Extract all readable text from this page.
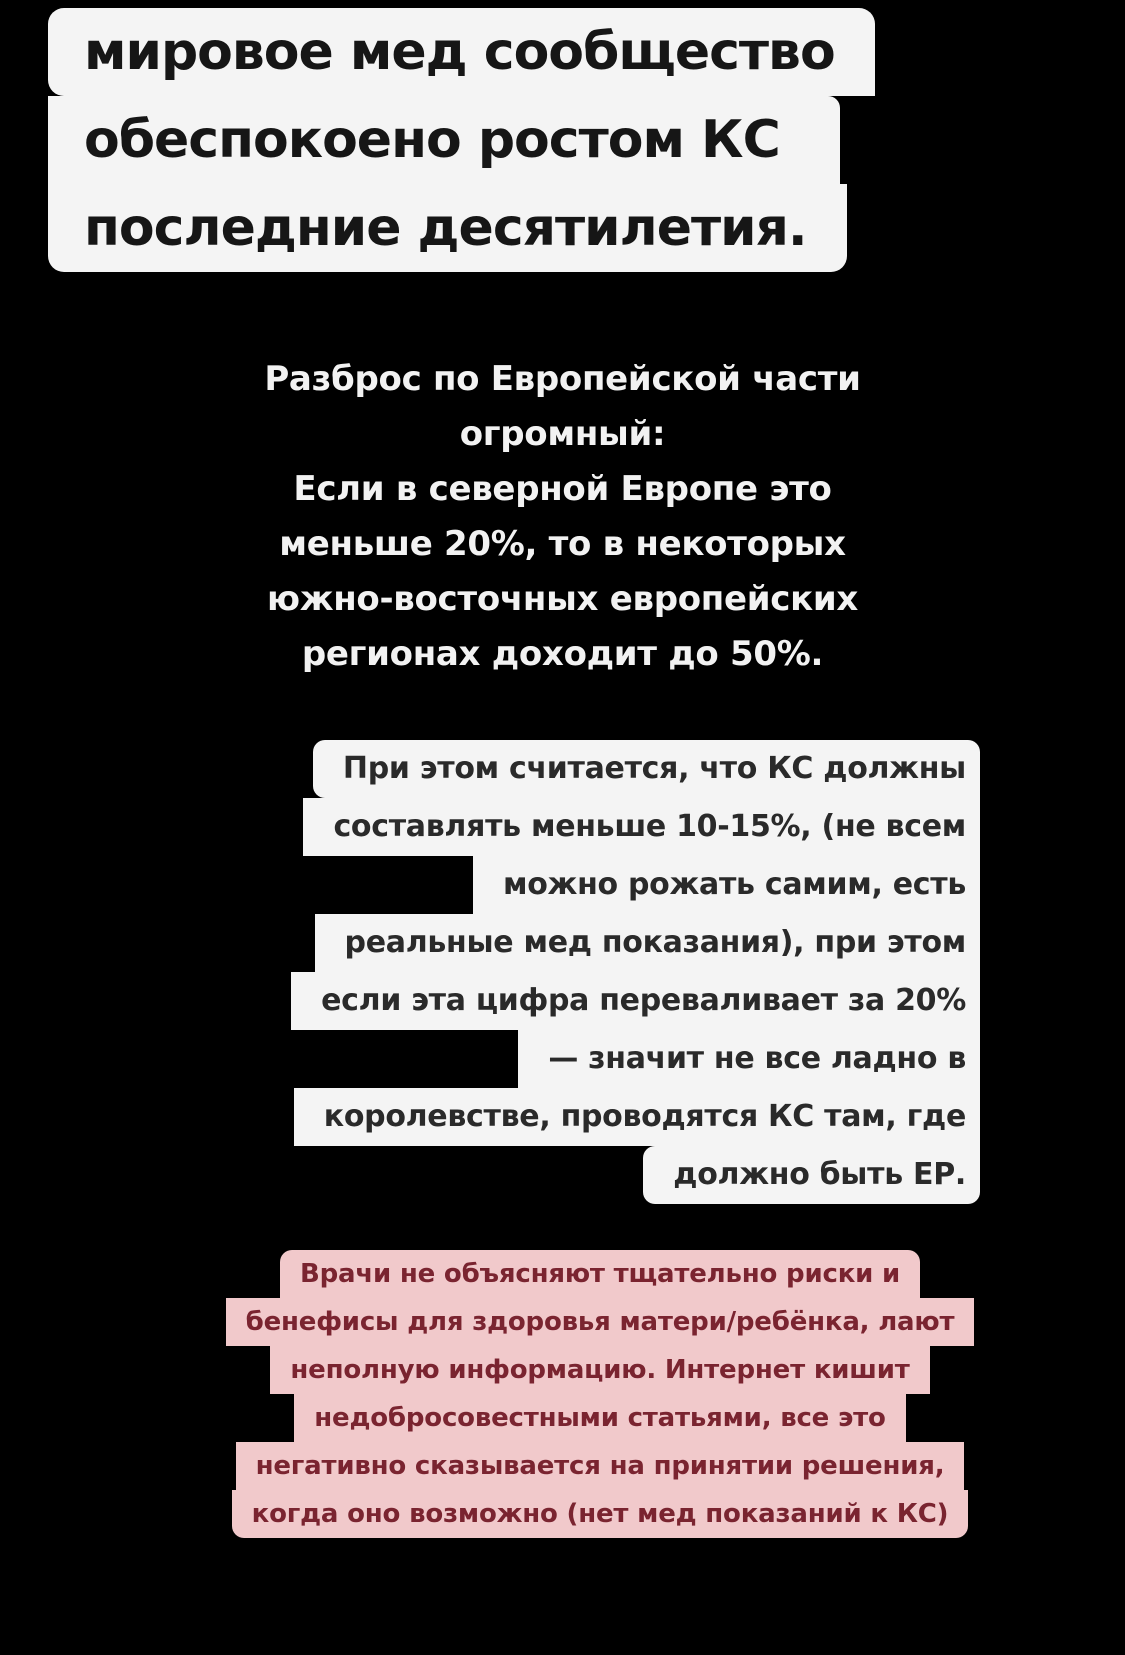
мировое мед сообщество
обеспокоено ростом КС
последние десятилетия.
Разброс по Европейской части
огромный:
Если в северной Европе это
меньше 20%, то в некоторых
южно-восточных европейских
регионах доходит до 50%.
При этом считается, что КС должны
составлять меньше 10-15%, (не всем
можно рожать самим, есть
реальные мед показания), при этом
если эта цифра переваливает за 20%
— значит не все ладно в
королевстве, проводятся КС там, где
должно быть ЕР.
Врачи не объясняют тщательно риски и
бенефисы для здоровья матери/ребёнка, лают
неполную информацию. Интернет кишит
недобросовестными статьями, все это
негативно сказывается на принятии решения,
когда оно возможно (нет мед показаний к КС)
